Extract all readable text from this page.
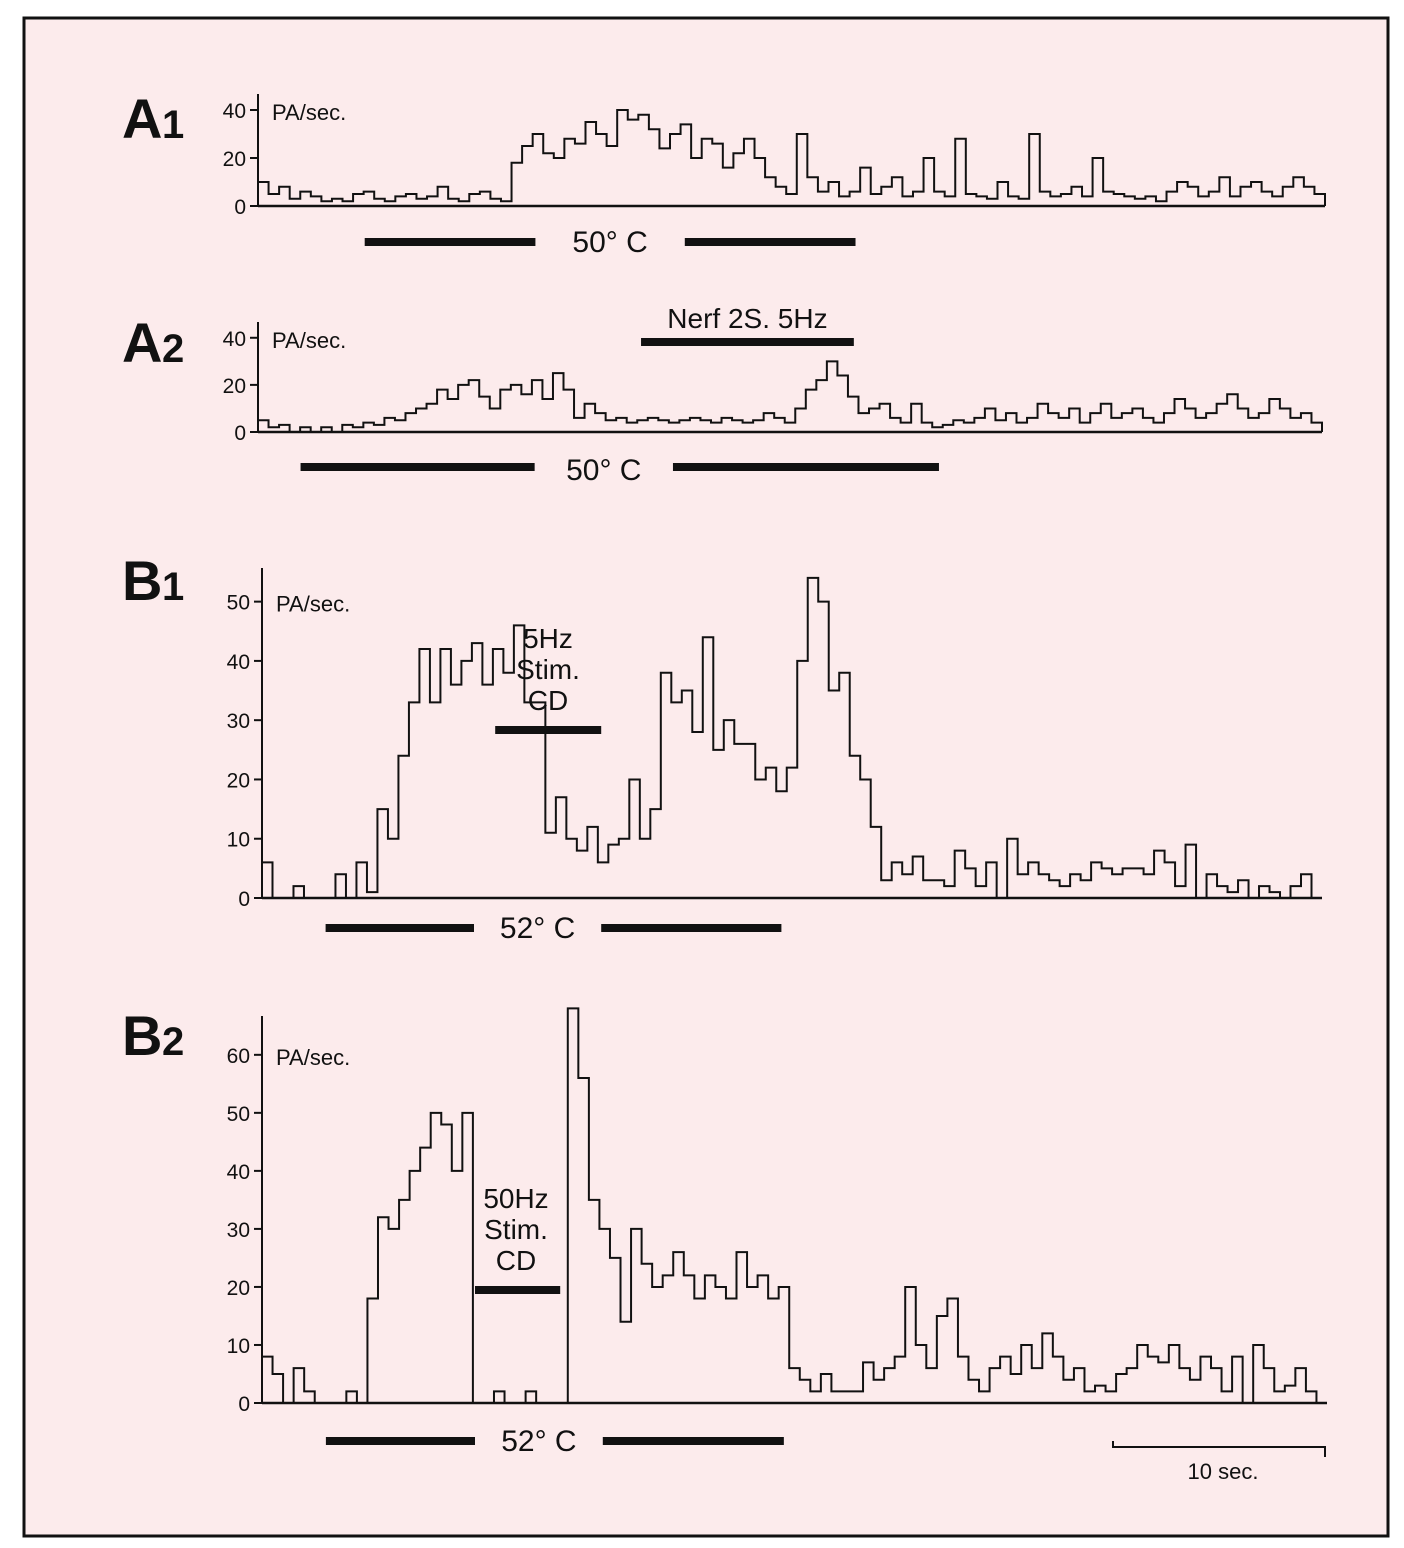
A 1
A 2
B 1
B 2
0
20
40 PA/sec.
50° C
0
20
40 PA/sec.
50° C
Nerf 2S. 5Hz
0
10
20
30
40
50 PA/sec.
52° C
5Hz
Stim.
CD
0
10
20
30
40
50
60 PA/sec.
52° C
50Hz
Stim.
CD
10 sec.
